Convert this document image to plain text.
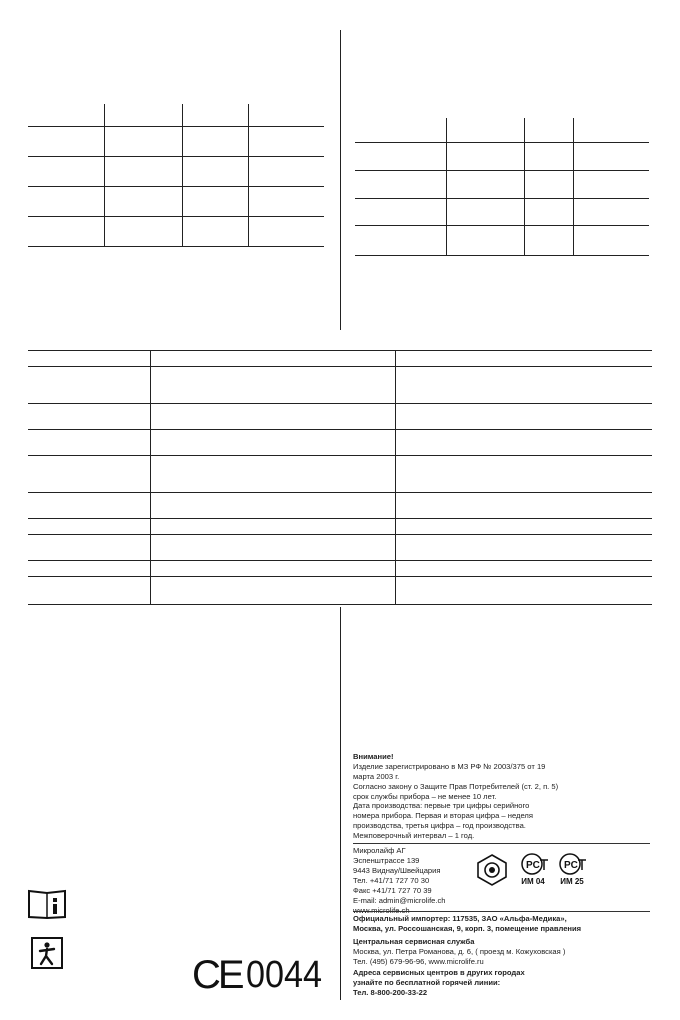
Внимание!

Изделие зарегистрировано в МЗ РФ № 2003/375 от 19

марта 2003 г.

Согласно закону о Защите Прав Потребителей (ст. 2, п. 5)

срок службы прибора – не менее 10 лет.

Дата производства: первые три цифры серийного

номера прибора. Первая и вторая цифра – неделя

производства, третья цифра – год производства.

Межповерочный интервал – 1 год.

Микролайф АГ

Эспенштрассе 139

9443 Виднау/Швейцария

Тел. +41/71 727 70 30

Факс +41/71 727 70 39

E-mail: admin@microlife.ch

PC
ИМ 04
PC
ИМ 25

Официальный импортер: 117535, ЗАО «Альфа-Медика»,

Москва, ул. Россошанская, 9, корп. 3, помещение правления

Центральная сервисная служба

Москва, ул. Петра Романова, д. 6, ( проезд м. Кожуховская )

Тел. (495) 679-96-96, www.microlife.ru

Адреса сервисных центров в других городах

узнайте по бесплатной горячей линии:

Тел. 8-800-200-33-22

CE 0044
